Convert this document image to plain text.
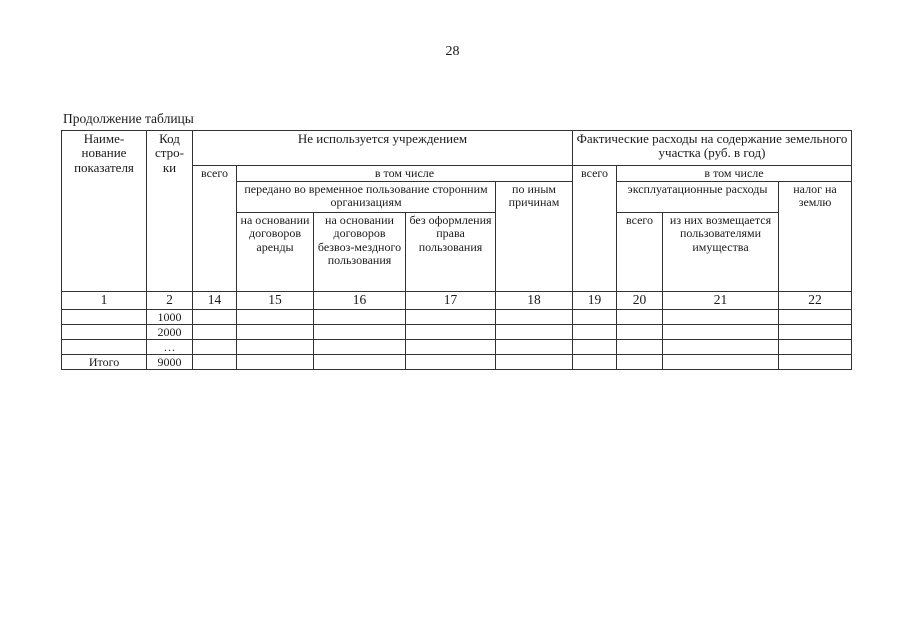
28
Продолжение таблицы
Наиме-нование показателя	Код стро-ки	Не используется учреждением					Фактические расходы на содержание земельного участка (руб. в год)			
		всего	в том числе				всего	в том числе		
			передано во временное пользование сторонним организациям			по иным причинам		эксплуатационные расходы		налог на землю
			на основании договоров аренды	на основании договоров безвоз-мездного пользования	без оформления права пользования			всего	из них возмещается пользователями имущества	
1	2	14	15	16	17	18	19	20	21	22
	1000									
	2000									
	…									
Итого	9000									
